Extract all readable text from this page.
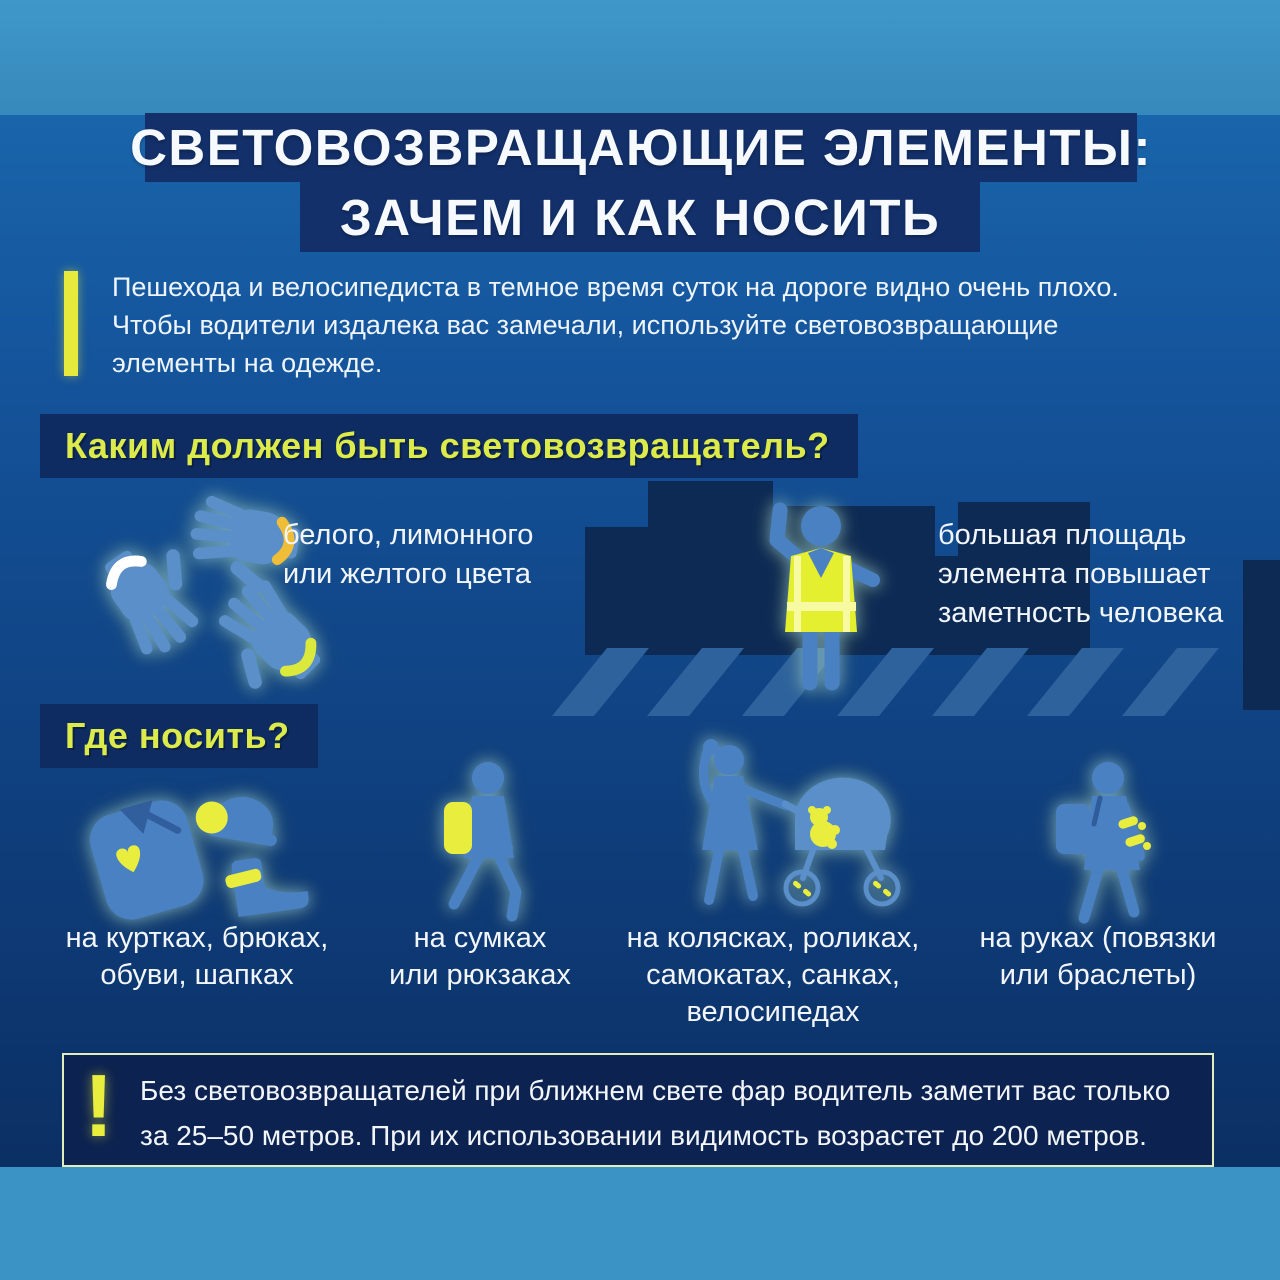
СВЕТОВОЗВРАЩАЮЩИЕ ЭЛЕМЕНТЫ:
ЗАЧЕМ И КАК НОСИТЬ
Пешехода и велосипедиста в темное время суток на дороге видно очень плохо.
Чтобы водители издалека вас замечали, используйте световозвращающие
элементы на одежде.
Каким должен быть световозвращатель?
белого, лимонного
или желтого цвета
большая площадь
элемента повышает
заметность человека
Где носить?
на куртках, брюках,
обуви, шапках
на сумках
или рюкзаках
на колясках, роликах,
самокатах, санках,
велосипедах
на руках (повязки
или браслеты)
! Без световозвращателей при ближнем свете фар водитель заметит вас только
за 25–50 метров. При их использовании видимость возрастет до 200 метров.
